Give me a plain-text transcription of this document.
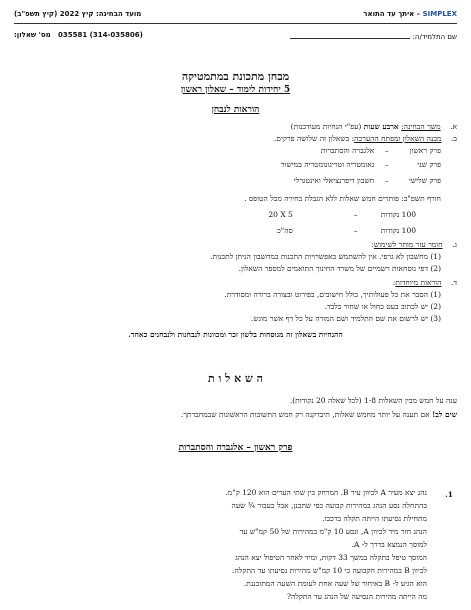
SIMPLEX – איתך עד התואר
מועד הבחינה: קיץ 2022 (קיץ תשפ"ב)
שם התלמיד/ה:
035581 (314-035806)   מס' שאלון:
מבחן מתכונת במתמטיקה
5 יחידות לימוד – שאלון ראשון
הוראות לנבחן
א.    משך הבחינה: ארבע שעות (עפ"י הנחיות מעודכנות)
ב.    מבנה השאלון ומפתח ההערכה: בשאלון זה שלושה פרקים.
פרק ראשון – אלגברה והסתברות
פרק שני – גאומטריה וטריגונומטריה במישור
פרק שלישי – חשבון דיפרנציאלי ואינטגרלי
חורף תשפ"ב: פותרים חמש שאלות ללא הגבלת בחירה מכל הטופס .
100 נקודות –  20 X 5
100 נקודות –  סה"כ
ג.    חומר עזר מותר לשימוש:
(1) מחשבון לא גרפי. אין להשתמש באפשרויות התכנות במחשבון הניתן לתכנות.
(2) דפי נוסחאות רשמיים של משרד החינוך התואמים למספר השאלון.
ד.    הוראות מיוחדות:
(1) הסבר את כל פעולותיך, כולל חישובים, בפירוט ובצורה ברורה ומסודרת.
(2) יש לכתוב בעט כחול או שחור בלבד.
(3) יש לרשום את שם התלמיד ושם המורה על כל דף אשר מוגש.
ההנחיות בשאלון זה מנוסחות בלשון זכר ומכוונות לנבחנות ולנבחנים כאחד.
ה ש א ל ו ת
ענה על חמש מבין השאלות 1-8 (לכל שאלה 20 נקודות).
שים לב! אם תענה על יותר מחמש שאלות, תיבדקנה רק חמש התשובות הראשונות שבמחברתך.
פרק ראשון – אלגברה והסתברות
1.
נהג יצא מעיר A לכיוון עיר B. המרחק בין שתי הערים הוא 120 ק"מ.
בהתחלה נסע הנהג במהירות קבועה כפי שתכנן, אבל כעבור ¾ שעה
מתחילת נסיעתו הייתה תקלה ברכבו.
הנהג חזר מיד לכיוון A, ונסע 10 ק"מ במהירות של 50 קמ"ש עד
למוסך הנמצא בדרך ל- A.
המוסך טיפל בתקלה במשך 33 דקות, ומיד לאחר הטיפול יצא הנהג
לכיוון B במהירות הקבועה כי 10 קמ"ש מהירות נסיעתו עד התקלה.
הוא הגיע ל- B באיחור של שעה אחת לעומת השעה המתוכננת.
מה הייתה מהירות הנסיעה של הנהג עד התקלה?
